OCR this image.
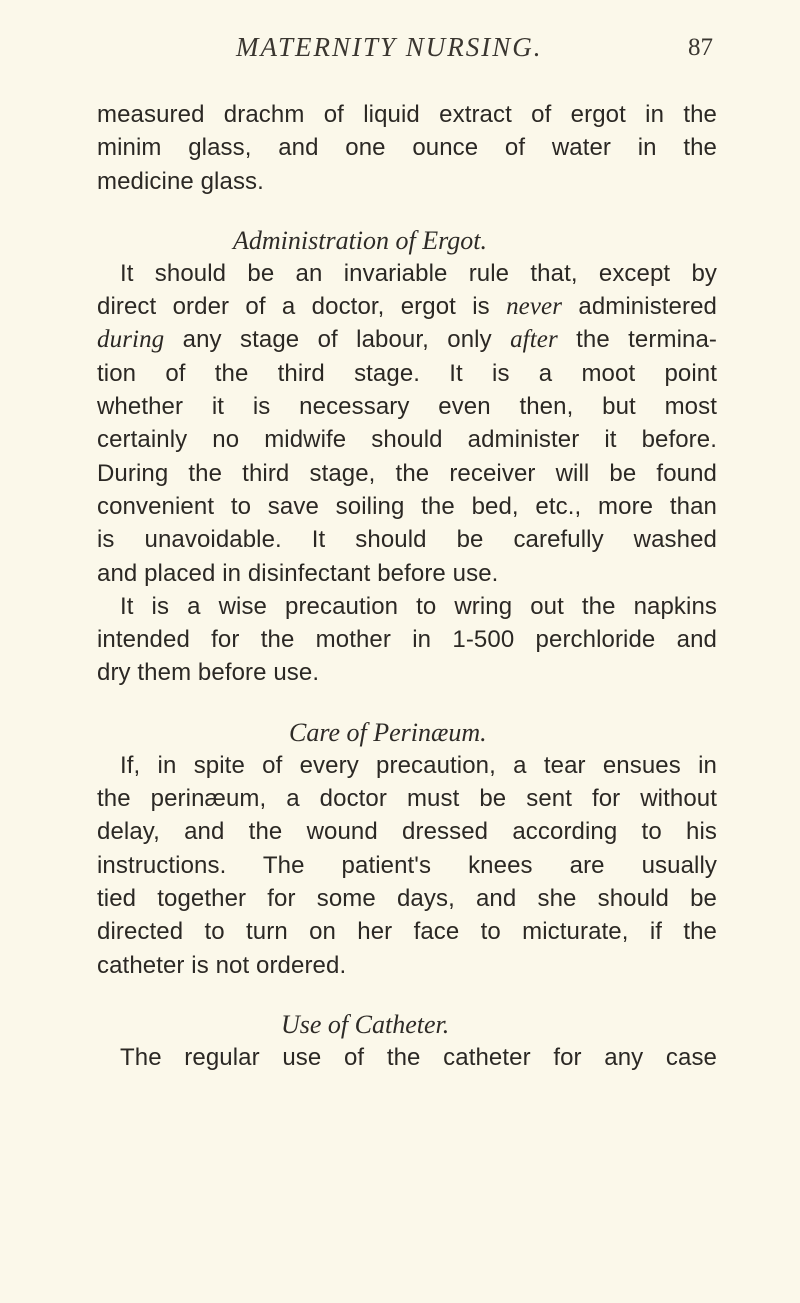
MATERNITY NURSING.	87
measured drachm of liquid extract of ergot in the
minim glass, and one ounce of water in the
medicine glass.
Administration of Ergot.
It should be an invariable rule that, except by
direct order of a doctor, ergot is never administered
during any stage of labour, only after the termina-
tion of the third stage. It is a moot point
whether it is necessary even then, but most
certainly no midwife should administer it before.
During the third stage, the receiver will be found
convenient to save soiling the bed, etc., more than
is unavoidable. It should be carefully washed
and placed in disinfectant before use.
It is a wise precaution to wring out the napkins
intended for the mother in 1-500 perchloride and
dry them before use.
Care of Perinæum.
If, in spite of every precaution, a tear ensues in
the perinæum, a doctor must be sent for without
delay, and the wound dressed according to his
instructions. The patient's knees are usually
tied together for some days, and she should be
directed to turn on her face to micturate, if the
catheter is not ordered.
Use of Catheter.
The regular use of the catheter for any case
